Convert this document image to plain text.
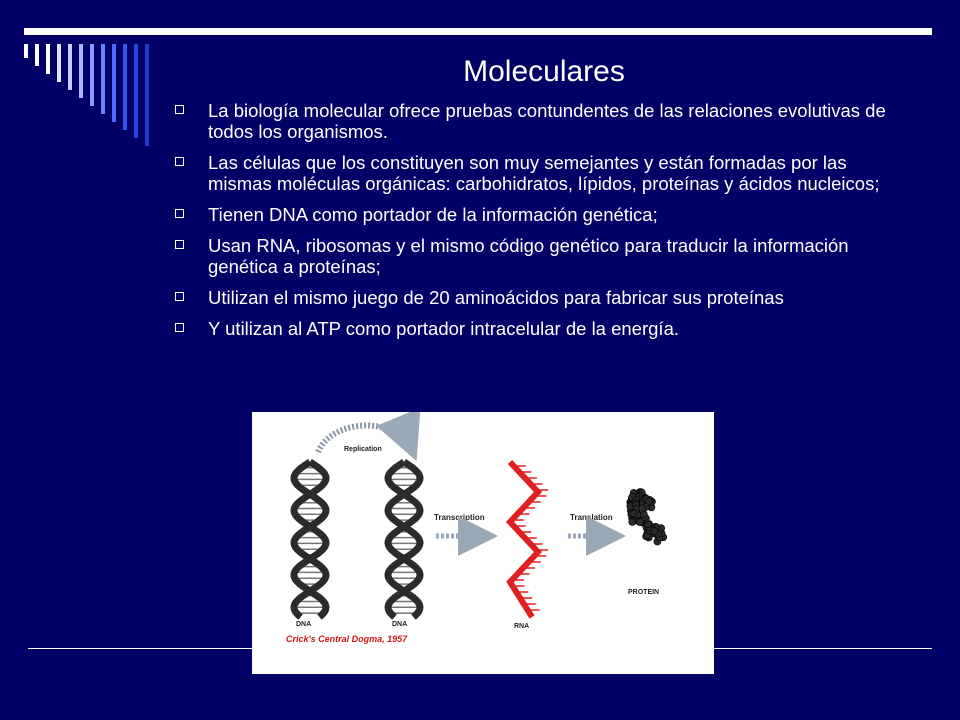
Moleculares
La biología molecular ofrece pruebas contundentes de las relaciones evolutivas de todos los organismos.
Las células que los constituyen son muy semejantes y están formadas por las mismas moléculas orgánicas: carbohidratos, lípidos, proteínas y ácidos nucleicos;
Tienen DNA como portador de la información genética;
Usan RNA, ribosomas y el mismo código genético para traducir la información genética a proteínas;
Utilizan el mismo juego de 20 aminoácidos para fabricar sus proteínas
Y utilizan al ATP como portador intracelular de la energía.
Replication
Transcription	Translation
DNA	DNA	RNA
PROTEIN
Crick's Central Dogma, 1957
